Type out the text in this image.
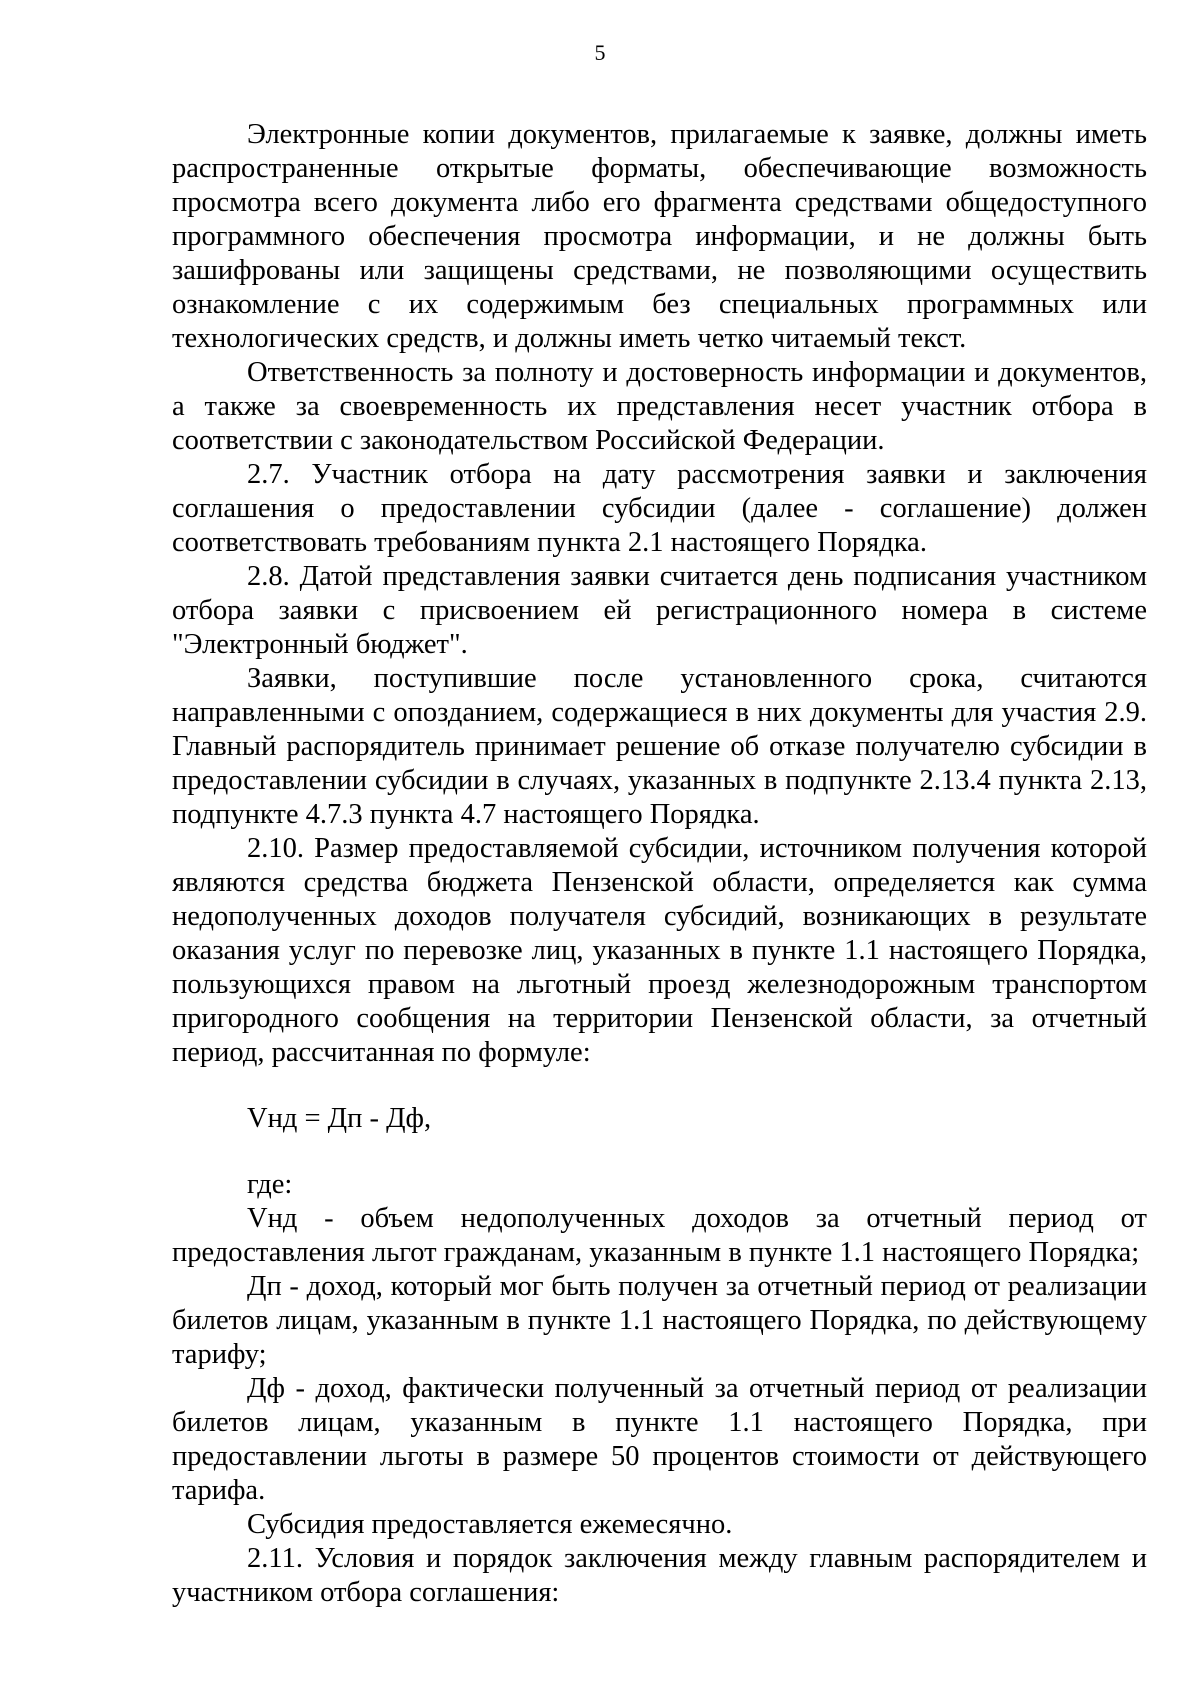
5

Электронные копии документов, прилагаемые к заявке, должны иметь распространенные открытые форматы, обеспечивающие возможность просмотра всего документа либо его фрагмента средствами общедоступного программного обеспечения просмотра информации, и не должны быть зашифрованы или защищены средствами, не позволяющими осуществить ознакомление с их содержимым без специальных программных или технологических средств, и должны иметь четко читаемый текст.

Ответственность за полноту и достоверность информации и документов, а также за своевременность их представления несет участник отбора в соответствии с законодательством Российской Федерации.

2.7. Участник отбора на дату рассмотрения заявки и заключения соглашения о предоставлении субсидии (далее - соглашение) должен соответствовать требованиям пункта 2.1 настоящего Порядка.

2.8. Датой представления заявки считается день подписания участником отбора заявки с присвоением ей регистрационного номера в системе "Электронный бюджет".

Заявки, поступившие после установленного срока, считаются направленными с опозданием, содержащиеся в них документы для участия 2.9. Главный распорядитель принимает решение об отказе получателю субсидии в предоставлении субсидии в случаях, указанных в подпункте 2.13.4 пункта 2.13, подпункте 4.7.3 пункта 4.7 настоящего Порядка.

2.10. Размер предоставляемой субсидии, источником получения которой являются средства бюджета Пензенской области, определяется как сумма недополученных доходов получателя субсидий, возникающих в результате оказания услуг по перевозке лиц, указанных в пункте 1.1 настоящего Порядка, пользующихся правом на льготный проезд железнодорожным транспортом пригородного сообщения на территории Пензенской области, за отчетный период, рассчитанная по формуле:

Vнд = Дп - Дф,

где:

Vнд - объем недополученных доходов за отчетный период от предоставления льгот гражданам, указанным в пункте 1.1 настоящего Порядка;

Дп - доход, который мог быть получен за отчетный период от реализации билетов лицам, указанным в пункте 1.1 настоящего Порядка, по действующему тарифу;

Дф - доход, фактически полученный за отчетный период от реализации билетов лицам, указанным в пункте 1.1 настоящего Порядка, при предоставлении льготы в размере 50 процентов стоимости от действующего тарифа.

Субсидия предоставляется ежемесячно.

2.11. Условия и порядок заключения между главным распорядителем и участником отбора соглашения:
